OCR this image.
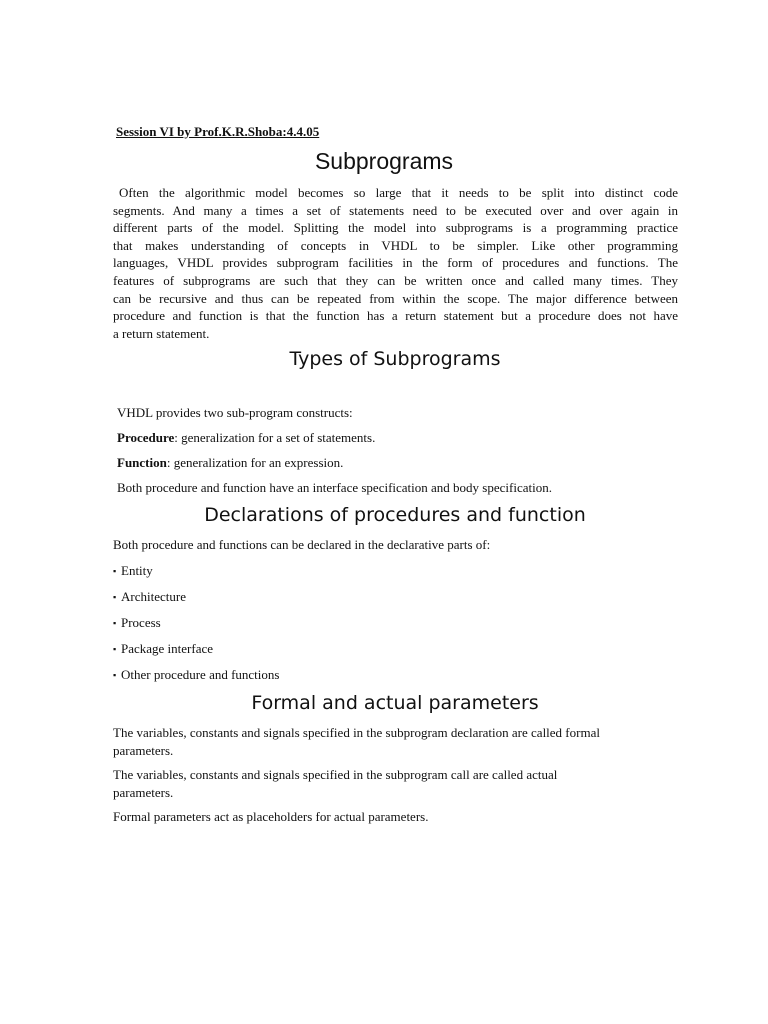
Session VI by Prof.K.R.Shoba:4.4.05
Subprograms
Often the algorithmic model becomes so large that it needs to be split into distinct code
segments. And many a times a set of statements need to be executed over and over again in
different parts of the model. Splitting the model into subprograms is a programming practice
that makes understanding of concepts in VHDL to be simpler. Like other programming
languages, VHDL provides subprogram facilities in the form of procedures and functions. The
features of subprograms are such that they can be written once and called many times. They
can be recursive and thus can be repeated from within the scope. The major difference between
procedure and function is that the function has a return statement but a procedure does not have
a return statement.
Types of Subprograms
VHDL provides two sub-program constructs:
Procedure: generalization for a set of statements.
Function: generalization for an expression.
Both procedure and function have an interface specification and body specification.
Declarations of procedures and function
Both procedure and functions can be declared in the declarative parts of:
▪ Entity
▪ Architecture
▪ Process
▪ Package interface
▪ Other procedure and functions
Formal and actual parameters
The variables, constants and signals specified in the subprogram declaration are called formal
parameters.
The variables, constants and signals specified in the subprogram call are called actual
parameters.
Formal parameters act as placeholders for actual parameters.
